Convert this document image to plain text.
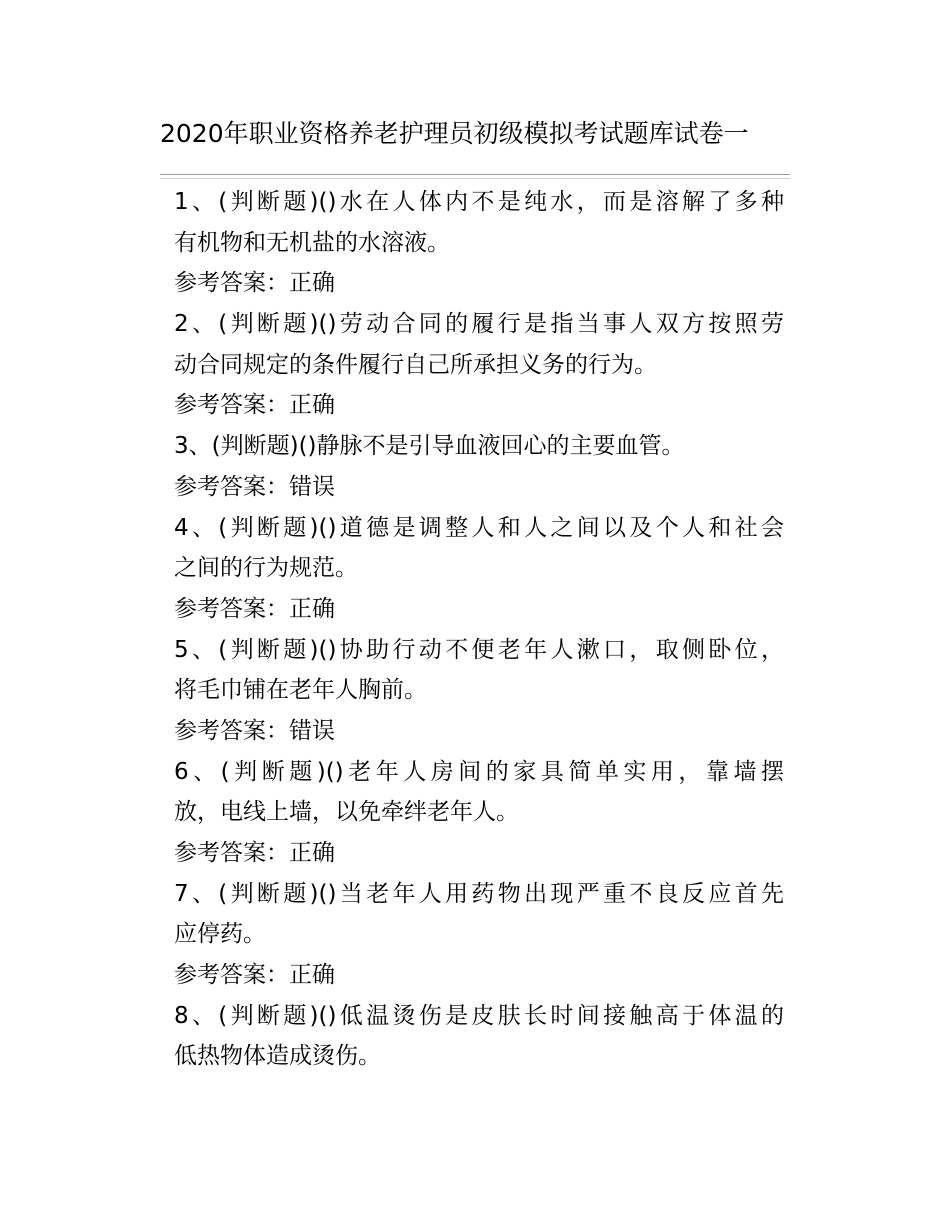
2020年职业资格养老护理员初级模拟考试题库试卷一
1、(判断题)()水在人体内不是纯水，而是溶解了多种
有机物和无机盐的水溶液。
参考答案：正确
2、(判断题)()劳动合同的履行是指当事人双方按照劳
动合同规定的条件履行自己所承担义务的行为。
参考答案：正确
3、(判断题)()静脉不是引导血液回心的主要血管。
参考答案：错误
4、(判断题)()道德是调整人和人之间以及个人和社会
之间的行为规范。
参考答案：正确
5、(判断题)()协助行动不便老年人漱口，取侧卧位，
将毛巾铺在老年人胸前。
参考答案：错误
6、(判断题)()老年人房间的家具简单实用，靠墙摆
放，电线上墙，以免牵绊老年人。
参考答案：正确
7、(判断题)()当老年人用药物出现严重不良反应首先
应停药。
参考答案：正确
8、(判断题)()低温烫伤是皮肤长时间接触高于体温的
低热物体造成烫伤。
